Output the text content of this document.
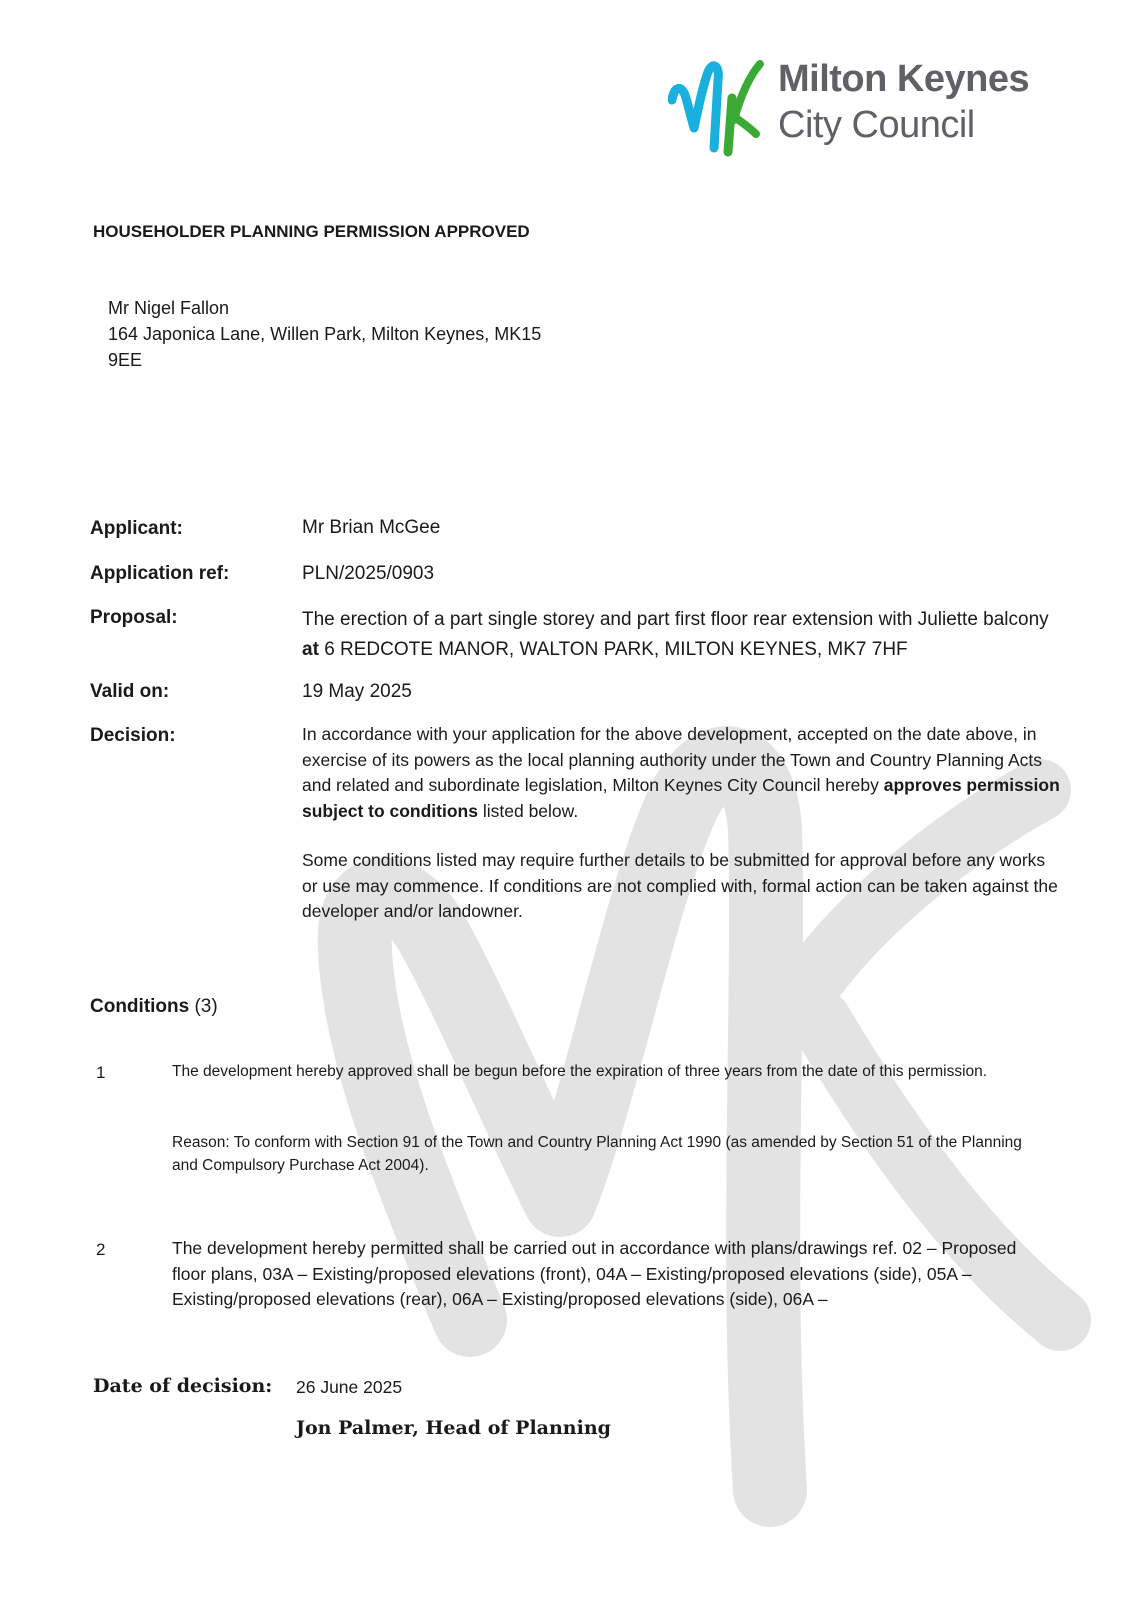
Milton Keynes
City Council
HOUSEHOLDER PLANNING PERMISSION APPROVED
Mr Nigel Fallon
164 Japonica Lane, Willen Park, Milton Keynes, MK15
9EE
Applicant:	Mr Brian McGee
Application ref:	PLN/2025/0903
Proposal:	The erection of a part single storey and part first floor rear extension with Juliette balcony at 6 REDCOTE MANOR, WALTON PARK, MILTON KEYNES, MK7 7HF
Valid on:	19 May 2025
Decision:	In accordance with your application for the above development, accepted on the date above, in exercise of its powers as the local planning authority under the Town and Country Planning Acts and related and subordinate legislation, Milton Keynes City Council hereby approves permission subject to conditions listed below.
Some conditions listed may require further details to be submitted for approval before any works or use may commence. If conditions are not complied with, formal action can be taken against the developer and/or landowner.
Conditions (3)
1	The development hereby approved shall be begun before the expiration of three years from the date of this permission.
Reason: To conform with Section 91 of the Town and Country Planning Act 1990 (as amended by Section 51 of the Planning and Compulsory Purchase Act 2004).
2	The development hereby permitted shall be carried out in accordance with plans/drawings ref. 02 – Proposed floor plans, 03A – Existing/proposed elevations (front), 04A – Existing/proposed elevations (side), 05A – Existing/proposed elevations (rear), 06A – Existing/proposed elevations (side), 06A –
Date of decision: 26 June 2025
Jon Palmer, Head of Planning
